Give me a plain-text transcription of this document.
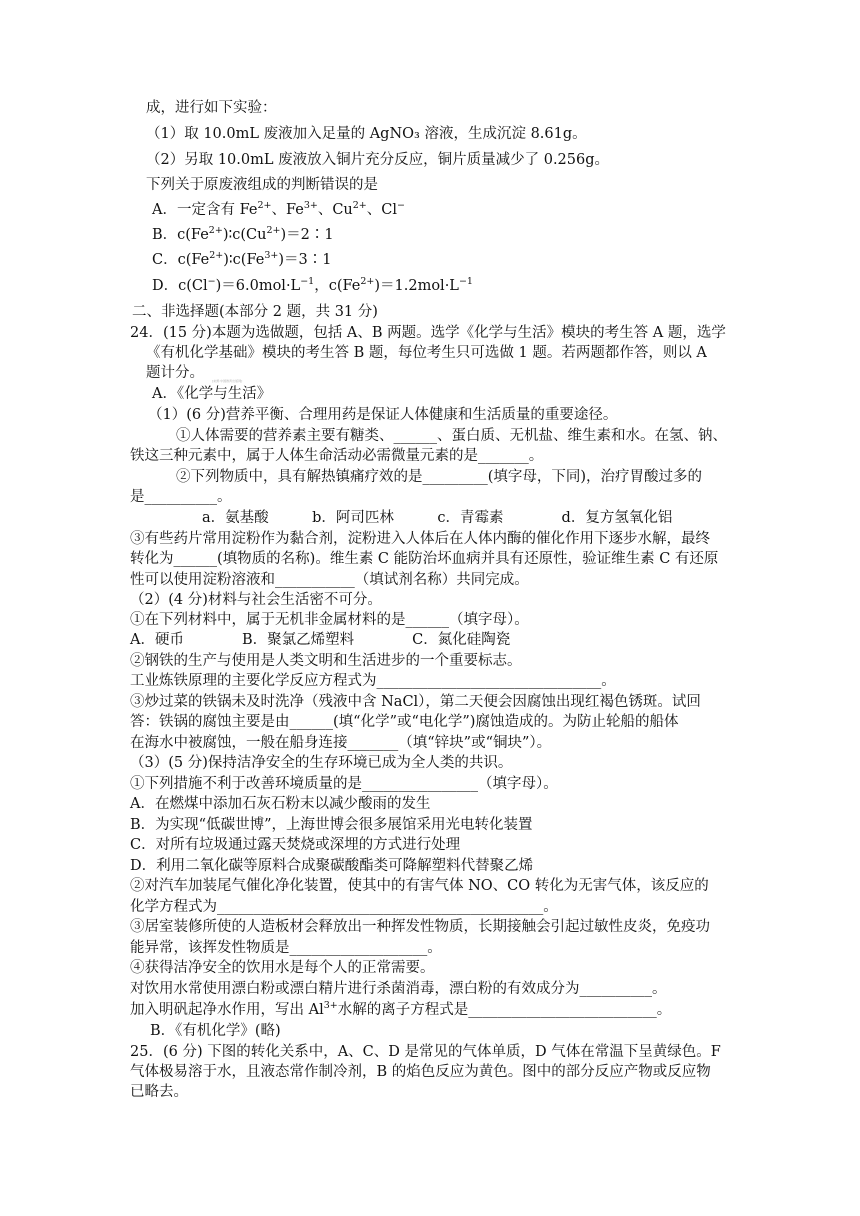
成，进行如下实验：
（1）取 10.0mL 废液加入足量的 AgNO₃ 溶液，生成沉淀 8.61g。
（2）另取 10.0mL 废液放入铜片充分反应，铜片质量减少了 0.256g。
下列关于原废液组成的判断错误的是
A．一定含有 $Fe^{2+}$、$Fe^{3+}$、$Cu^{2+}$、Cl−
B．$c(Fe^{2+})∶c(Cu^{2+})=2∶1$
C．$c(Fe^{2+})∶c(Fe^{3+})=3∶1$
D．$c(Cl^-)=6.0mol\cdot L^{-1}$，$c(Fe^{2+})=1.2mol\cdot L^{-1}$
二、非选择题(本部分 2 题，共 31 分)
24．(15 分)本题为选做题，包括 A、B 两题。选学《化学与生活》模块的考生答 A 题，选学
《有机化学基础》模块的考生答 B 题，每位考生只可选做 1 题。若两题都作答，则以 A
题计分。
A．《化学与生活》
（1）(6 分)营养平衡、合理用药是保证人体健康和生活质量的重要途径。
①人体需要的营养素主要有糖类、______、蛋白质、无机盐、维生素和水。在氢、钠、
铁这三种元素中，属于人体生命活动必需微量元素的是_______。
②下列物质中，具有解热镇痛疗效的是_________(填字母，下同)，治疗胃酸过多的
是__________。
a．氨基酸　　　b．阿司匹林　　　c．青霉素　　　　d．复方氢氧化铝
③有些药片常用淀粉作为黏合剂，淀粉进入人体后在人体内酶的催化作用下逐步水解，最终
转化为______(填物质的名称)。维生素 C 能防治坏血病并具有还原性，验证维生素 C 有还原
性可以使用淀粉溶液和___________（填试剂名称）共同完成。
（2）(4 分)材料与社会生活密不可分。
①在下列材料中，属于无机非金属材料的是______（填字母）。
A．硬币　　　　B．聚氯乙烯塑料　　　　C．氮化硅陶瓷
②钢铁的生产与使用是人类文明和生活进步的一个重要标志。
工业炼铁原理的主要化学反应方程式为_______________________________。
③炒过菜的铁锅未及时洗净（残液中含 NaCl），第二天便会因腐蚀出现红褐色锈斑。试回
答：铁锅的腐蚀主要是由______(填“化学”或“电化学”)腐蚀造成的。为防止轮船的船体
在海水中被腐蚀，一般在船身连接_______（填“锌块”或“铜块”）。
（3）(5 分)保持洁净安全的生存环境已成为全人类的共识。
①下列措施不利于改善环境质量的是________________（填字母）。
A．在燃煤中添加石灰石粉末以减少酸雨的发生
B．为实现“低碳世博”，上海世博会很多展馆采用光电转化装置
C．对所有垃圾通过露天焚烧或深埋的方式进行处理
D．利用二氧化碳等原料合成聚碳酸酯类可降解塑料代替聚乙烯
②对汽车加装尾气催化净化装置，使其中的有害气体 NO、CO 转化为无害气体，该反应的
化学方程式为_____________________________________________。
③居室装修所使的人造板材会释放出一种挥发性物质，长期接触会引起过敏性皮炎，免疫功
能异常，该挥发性物质是___________________。
④获得洁净安全的饮用水是每个人的正常需要。
对饮用水常使用漂白粉或漂白精片进行杀菌消毒，漂白粉的有效成分为__________。
加入明矾起净水作用，写出 $Al^{3+}$水解的离子方程式是__________________________。
B．《有机化学》(略)
25．(6 分) 下图的转化关系中，A、C、D 是常见的气体单质，D 气体在常温下呈黄绿色。F
气体极易溶于水，且液态常作制冷剂，B 的焰色反应为黄色。图中的部分反应产物或反应物
已略去。
[来源:中国教育出版网]
